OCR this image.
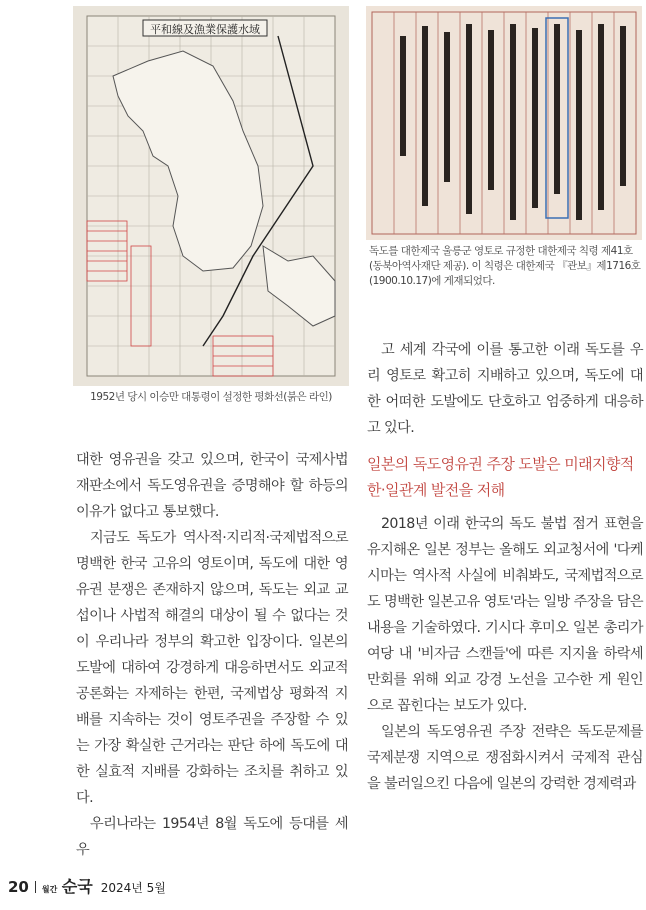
平和線及漁業保護水域
1952년 당시 이승만 대통령이 설정한 평화선(붉은 라인)
독도를 대한제국 울릉군 영토로 규정한 대한제국 칙령 제41호(동북아역사재단 제공). 이 칙령은 대한제국 『관보』제1716호(1900.10.17)에 게재되었다.

대한 영유권을 갖고 있으며, 한국이 국제사법재판소에서 독도영유권을 증명해야 할 하등의 이유가 없다고 통보했다.

지금도 독도가 역사적·지리적·국제법적으로 명백한 한국 고유의 영토이며, 독도에 대한 영유권 분쟁은 존재하지 않으며, 독도는 외교 교섭이나 사법적 해결의 대상이 될 수 없다는 것이 우리나라 정부의 확고한 입장이다. 일본의 도발에 대하여 강경하게 대응하면서도 외교적 공론화는 자제하는 한편, 국제법상 평화적 지배를 지속하는 것이 영토주권을 주장할 수 있는 가장 확실한 근거라는 판단 하에 독도에 대한 실효적 지배를 강화하는 조치를 취하고 있다.

우리나라는 1954년 8월 독도에 등대를 세우

고 세계 각국에 이를 통고한 이래 독도를 우리 영토로 확고히 지배하고 있으며, 독도에 대한 어떠한 도발에도 단호하고 엄중하게 대응하고 있다.

일본의 독도영유권 주장 도발은 미래지향적 한·일관계 발전을 저해

2018년 이래 한국의 독도 불법 점거 표현을 유지해온 일본 정부는 올해도 외교청서에 '다케시마는 역사적 사실에 비춰봐도, 국제법적으로도 명백한 일본고유 영토'라는 일방 주장을 담은 내용을 기술하였다. 기시다 후미오 일본 총리가 여당 내 '비자금 스캔들'에 따른 지지율 하락세 만회를 위해 외교 강경 노선을 고수한 게 원인으로 꼽힌다는 보도가 있다.

일본의 독도영유권 주장 전략은 독도문제를 국제분쟁 지역으로 쟁점화시켜서 국제적 관심을 불러일으킨 다음에 일본의 강력한 경제력과

20 월간 순국 2024년 5월
